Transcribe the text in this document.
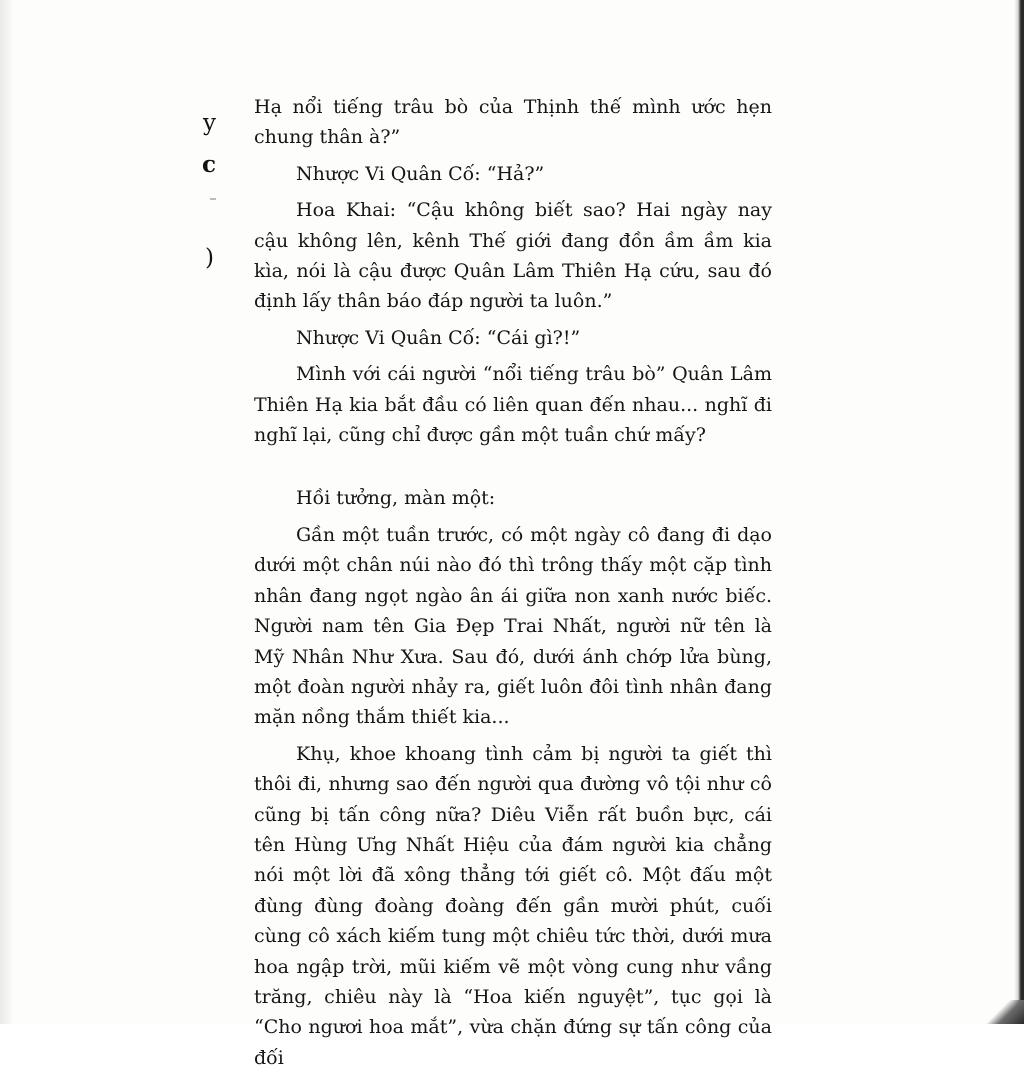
y
c
)

Hạ nổi tiếng trâu bò của Thịnh thế mình ước hẹn chung thân à?”

Nhược Vi Quân Cố: “Hả?”

Hoa Khai: “Cậu không biết sao? Hai ngày nay cậu không lên, kênh Thế giới đang đồn ầm ầm kia kìa, nói là cậu được Quân Lâm Thiên Hạ cứu, sau đó định lấy thân báo đáp người ta luôn.”

Nhược Vi Quân Cố: “Cái gì?!”

Mình với cái người “nổi tiếng trâu bò” Quân Lâm Thiên Hạ kia bắt đầu có liên quan đến nhau... nghĩ đi nghĩ lại, cũng chỉ được gần một tuần chứ mấy?

Hồi tưởng, màn một:

Gần một tuần trước, có một ngày cô đang đi dạo dưới một chân núi nào đó thì trông thấy một cặp tình nhân đang ngọt ngào ân ái giữa non xanh nước biếc. Người nam tên Gia Đẹp Trai Nhất, người nữ tên là Mỹ Nhân Như Xưa. Sau đó, dưới ánh chớp lửa bùng, một đoàn người nhảy ra, giết luôn đôi tình nhân đang mặn nồng thắm thiết kia...

Khụ, khoe khoang tình cảm bị người ta giết thì thôi đi, nhưng sao đến người qua đường vô tội như cô cũng bị tấn công nữa? Diêu Viễn rất buồn bực, cái tên Hùng Ưng Nhất Hiệu của đám người kia chẳng nói một lời đã xông thẳng tới giết cô. Một đấu một đùng đùng đoàng đoàng đến gần mười phút, cuối cùng cô xách kiếm tung một chiêu tức thời, dưới mưa hoa ngập trời, mũi kiếm vẽ một vòng cung như vầng trăng, chiêu này là “Hoa kiến nguyệt”, tục gọi là “Cho ngươi hoa mắt”, vừa chặn đứng sự tấn công của đối
